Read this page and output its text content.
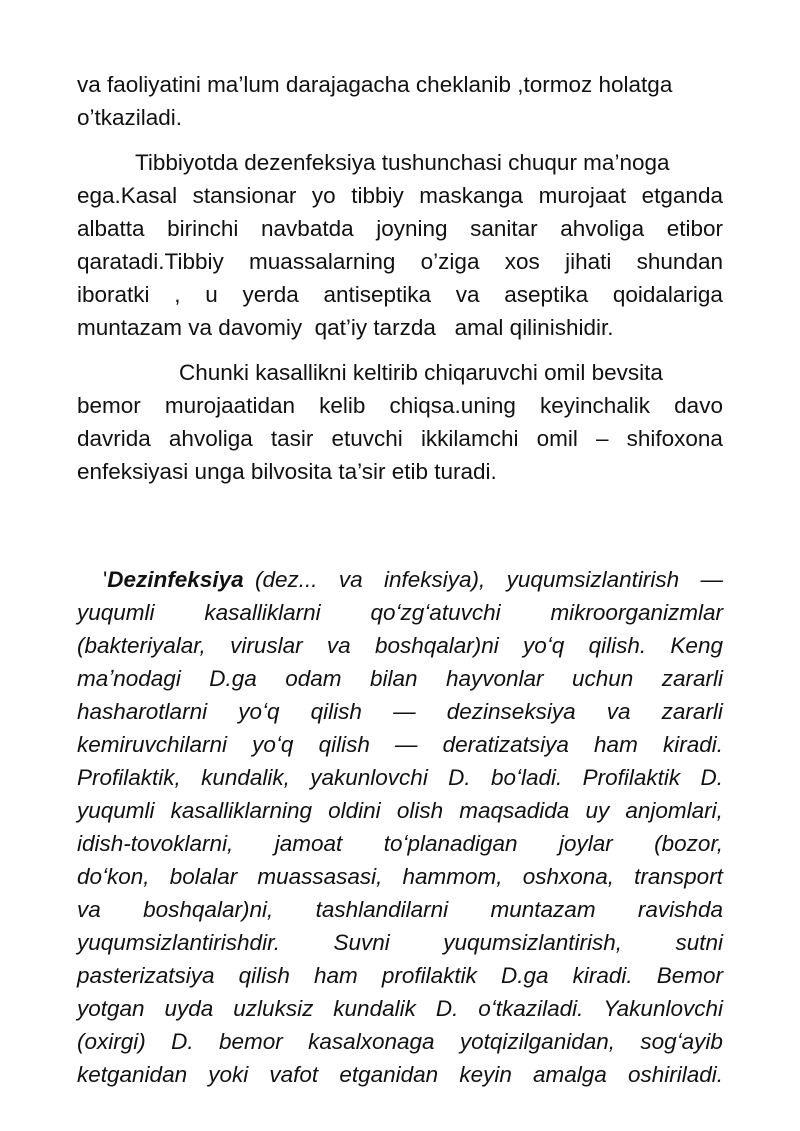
va faoliyatini ma’lum darajagacha cheklanib ,tormoz holatga
o’tkaziladi.
Tibbiyotda dezenfeksiya tushunchasi chuqur ma’noga
ega.Kasal stansionar yo tibbiy maskanga murojaat etganda
albatta birinchi navbatda joyning sanitar ahvoliga etibor
qaratadi.Tibbiy muassalarning o’ziga xos jihati shundan
iboratki , u yerda antiseptika va aseptika qoidalariga
muntazam va davomiy  qat’iy tarzda   amal qilinishidir.
Chunki kasallikni keltirib chiqaruvchi omil bevsita
bemor murojaatidan kelib chiqsa.uning keyinchalik davo
davrida ahvoliga tasir etuvchi ikkilamchi omil – shifoxona
enfeksiyasi unga bilvosita ta’sir etib turadi.
' Dezinfeksiya (dez... va infeksiya), yuqumsizlantirish —
yuqumli kasalliklarni qoʻzgʻatuvchi mikroorganizmlar
(bakteriyalar, viruslar va boshqalar)ni yoʻq qilish. Keng
maʼnodagi D.ga odam bilan hayvonlar uchun zararli
hasharotlarni yoʻq qilish — dezinseksiya va zararli
kemiruvchilarni yoʻq qilish — deratizatsiya ham kiradi.
Profilaktik, kundalik, yakunlovchi D. boʻladi. Profilaktik D.
yuqumli kasalliklarning oldini olish maqsadida uy anjomlari,
idish-tovoklarni, jamoat toʻplanadigan joylar (bozor,
doʻkon, bolalar muassasasi, hammom, oshxona, transport
va boshqalar)ni, tashlandilarni muntazam ravishda
yuqumsizlantirishdir. Suvni yuqumsizlantirish, sutni
pasterizatsiya qilish ham profilaktik D.ga kiradi. Bemor
yotgan uyda uzluksiz kundalik D. oʻtkaziladi. Yakunlovchi
(oxirgi) D. bemor kasalxonaga yotqizilganidan, sogʻayib
ketganidan yoki vafot etganidan keyin amalga oshiriladi.
